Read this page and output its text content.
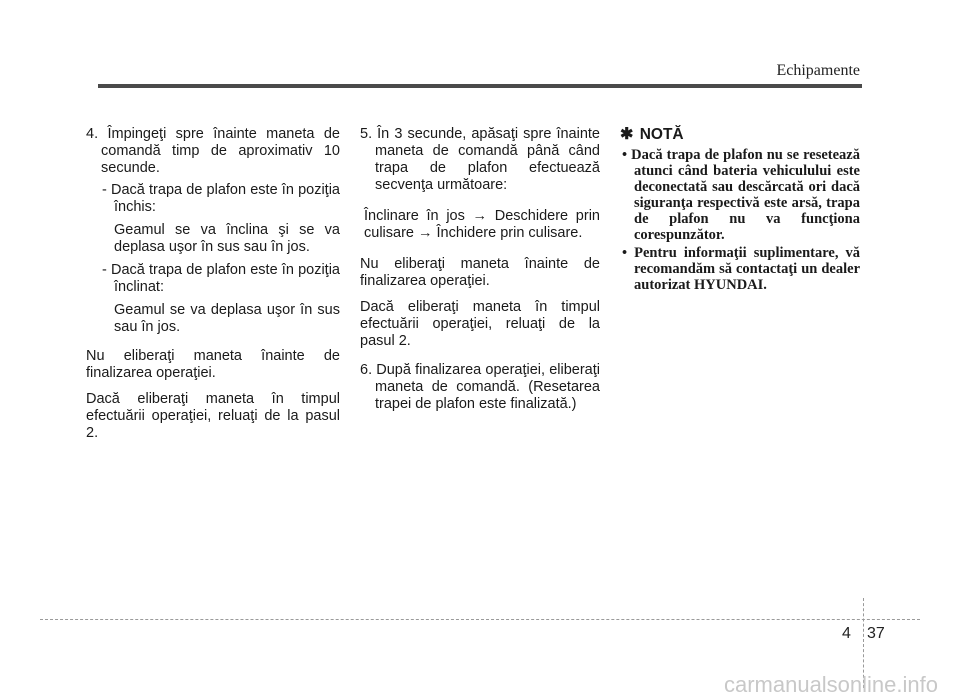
Echipamente

4. Împingeţi spre înainte maneta de comandă timp de aproximativ 10 secunde.

- Dacă trapa de plafon este în poziţia închis:

Geamul se va înclina şi se va deplasa uşor în sus sau în jos.

- Dacă trapa de plafon este în poziţia înclinat:

Geamul se va deplasa uşor în sus sau în jos.

Nu eliberaţi maneta înainte de finalizarea operaţiei.

Dacă eliberaţi maneta în timpul efectuării operaţiei, reluaţi de la pasul 2.

5. În 3 secunde, apăsaţi spre înainte maneta de comandă până când trapa de plafon efectuează secvenţa următoare:

Înclinare în jos → Deschidere prin culisare → Închidere prin culisare.

Nu eliberaţi maneta înainte de finalizarea operaţiei.

Dacă eliberaţi maneta în timpul efectuării operaţiei, reluaţi de la pasul 2.

6. După finalizarea operaţiei, eliberaţi maneta de comandă. (Resetarea trapei de plafon este finalizată.)

✱ NOTĂ

• Dacă trapa de plafon nu se resetează atunci când bateria vehiculului este deconectată sau descărcată ori dacă siguranţa respectivă este arsă, trapa de plafon nu va funcţiona corespunzător.

• Pentru informaţii suplimentare, vă recomandăm să contactaţi un dealer autorizat HYUNDAI.

4 37
carmanualsonline.info
